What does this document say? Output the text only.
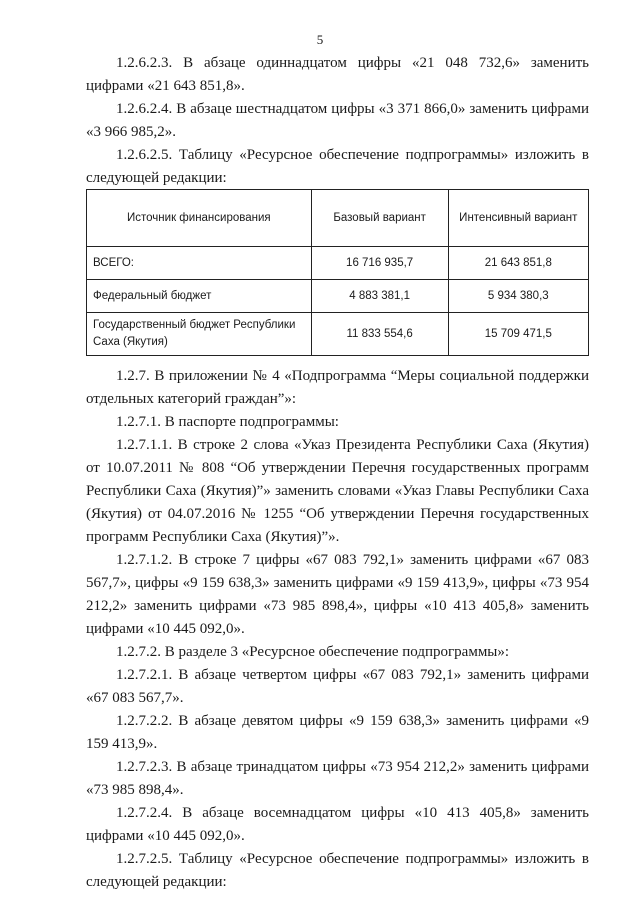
5

1.2.6.2.3. В абзаце одиннадцатом цифры «21 048 732,6» заменить цифрами «21 643 851,8».

1.2.6.2.4. В абзаце шестнадцатом цифры «3 371 866,0» заменить цифрами «3 966 985,2».

1.2.6.2.5. Таблицу «Ресурсное обеспечение подпрограммы» изложить в следующей редакции:

Источник финансирования	Базовый вариант	Интенсивный вариант
ВСЕГО:	16 716 935,7	21 643 851,8
Федеральный бюджет	4 883 381,1	5 934 380,3
Государственный бюджет Республики Саха (Якутия)	11 833 554,6	15 709 471,5

1.2.7. В приложении № 4 «Подпрограмма “Меры социальной поддержки отдельных категорий граждан”»:

1.2.7.1. В паспорте подпрограммы:

1.2.7.1.1. В строке 2 слова «Указ Президента Республики Саха (Якутия) от 10.07.2011 № 808 “Об утверждении Перечня государственных программ Республики Саха (Якутия)”» заменить словами «Указ Главы Республики Саха (Якутия) от 04.07.2016 № 1255 “Об утверждении Перечня государственных программ Республики Саха (Якутия)”».

1.2.7.1.2. В строке 7 цифры «67 083 792,1» заменить цифрами «67 083 567,7», цифры «9 159 638,3» заменить цифрами «9 159 413,9», цифры «73 954 212,2» заменить цифрами «73 985 898,4», цифры «10 413 405,8» заменить цифрами «10 445 092,0».

1.2.7.2. В разделе 3 «Ресурсное обеспечение подпрограммы»:

1.2.7.2.1. В абзаце четвертом цифры «67 083 792,1» заменить цифрами «67 083 567,7».

1.2.7.2.2. В абзаце девятом цифры «9 159 638,3» заменить цифрами «9 159 413,9».

1.2.7.2.3. В абзаце тринадцатом цифры «73 954 212,2» заменить цифрами «73 985 898,4».

1.2.7.2.4. В абзаце восемнадцатом цифры «10 413 405,8» заменить цифрами «10 445 092,0».

1.2.7.2.5. Таблицу «Ресурсное обеспечение подпрограммы» изложить в следующей редакции:
